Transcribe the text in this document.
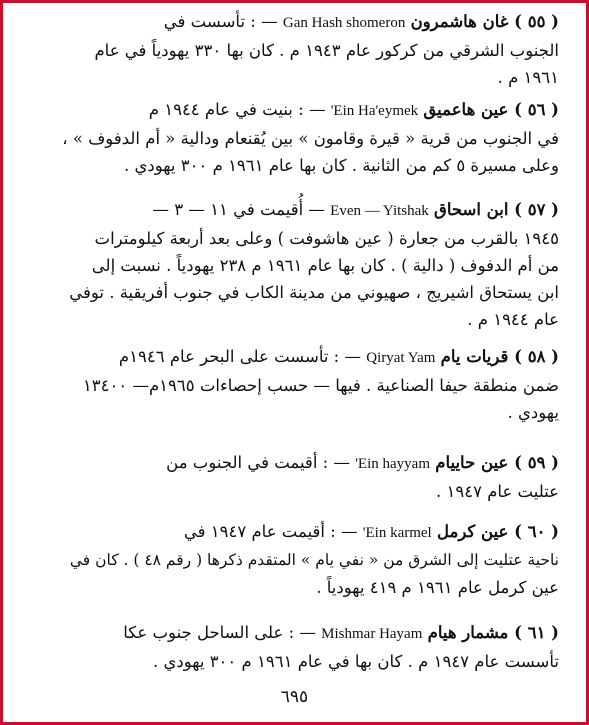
( ٥٥ ) غان هاشمرون Gan Hash shomeron — : تأسست في
الجنوب الشرقي من كركور عام ١٩٤٣ م . كان بها ٣٣٠ يهودياً في عام
١٩٦١ م .
( ٥٦ ) عين هاعميق 'Ein Ha'eymek — : بنيت في عام ١٩٤٤ م
في الجنوب من قرية « قيرة وقامون » بين يُقنعام ودالية « أم الدفوف » ،
وعلى مسيرة ٥ كم من الثانية . كان بها عام ١٩٦١ م ٣٠٠ يهودي .
( ٥٧ ) ابن اسحاق Even — Yitshak — أُقيمت في ١١ — ٣ —
١٩٤٥ بالقرب من جعارة ( عين هاشوفت ) وعلى بعد أربعة كيلومترات
من أم الدفوف ( دالية ) . كان بها عام ١٩٦١ م ٢٣٨ يهودياً . نسبت إلى
ابن يستحاق اشيريج ، صهيوني من مدينة الكاب في جنوب أفريقية . توفي
عام ١٩٤٤ م .
( ٥٨ ) قريات يام Qiryat Yam — : تأسست على البحر عام ١٩٤٦م
ضمن منطقة حيفا الصناعية . فيها — حسب إحصاءات ١٩٦٥م— ١٣٤٠٠
يهودي .
( ٥٩ ) عين حاييام 'Ein hayyam — : أقيمت في الجنوب من
عتليت عام ١٩٤٧ .
( ٦٠ ) عين كرمل 'Ein karmel — : أقيمت عام ١٩٤٧ في
ناحية عتليت إلى الشرق من « نفي يام » المتقدم ذكرها ( رقم ٤٨ ) . كان في
عين كرمل عام ١٩٦١ م ٤١٩ يهودياً .
( ٦١ ) مشمار هيام Mishmar Hayam — : على الساحل جنوب عكا
تأسست عام ١٩٤٧ م . كان بها في عام ١٩٦١ م ٣٠٠ يهودي .
٦٩٥
